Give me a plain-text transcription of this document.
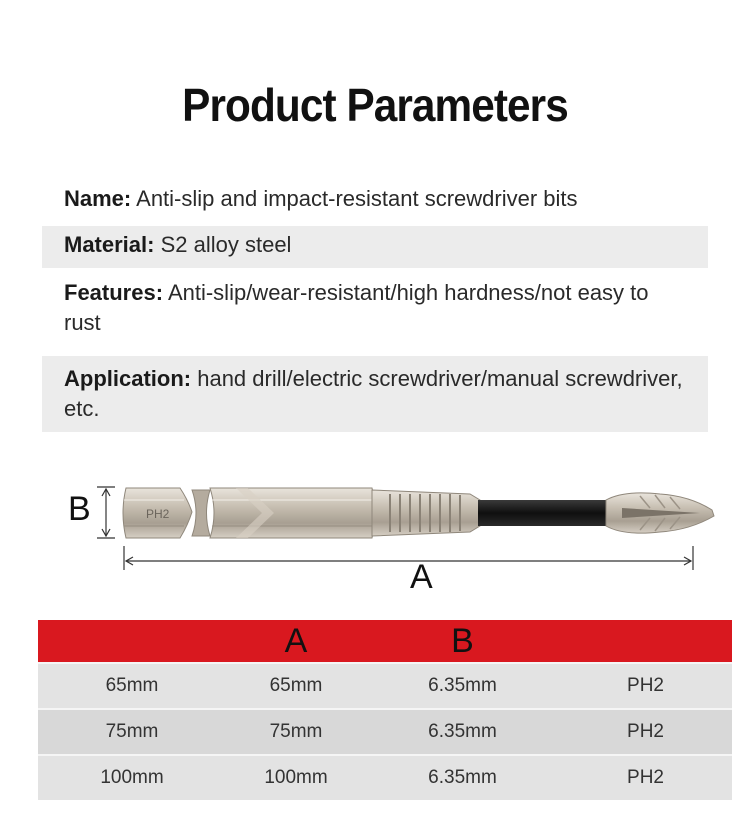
Product Parameters
Name: Anti-slip and impact-resistant screwdriver bits
Material: S2 alloy steel
Features: Anti-slip/wear-resistant/high hardness/not easy to rust
Application: hand drill/electric screwdriver/manual screwdriver, etc.
B
A
PH2
	A	B	
65mm	65mm	6.35mm	PH2
75mm	75mm	6.35mm	PH2
100mm	100mm	6.35mm	PH2
